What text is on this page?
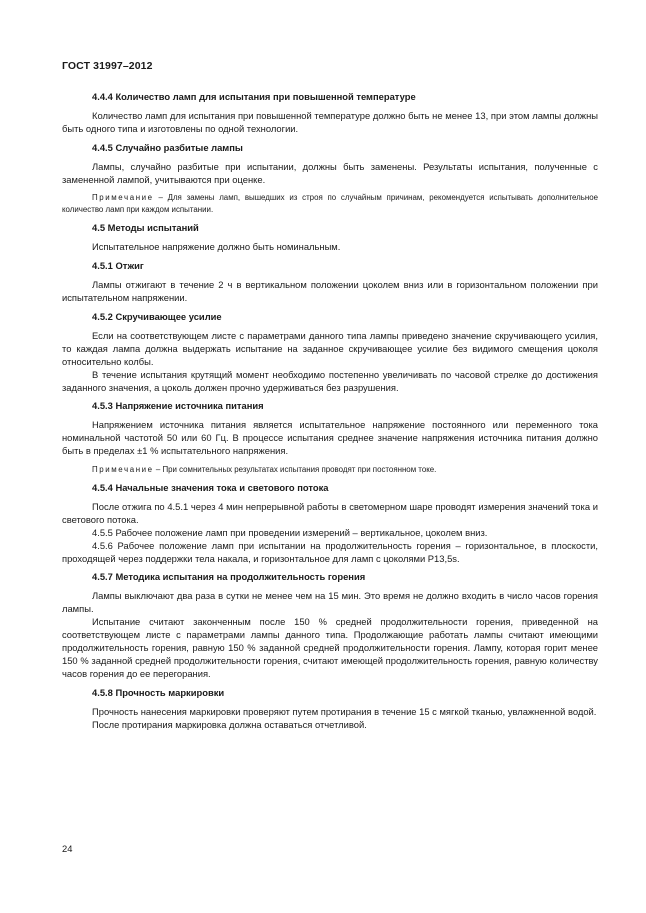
ГОСТ 31997–2012
4.4.4 Количество ламп для испытания при повышенной температуре

Количество ламп для испытания при повышенной температуре должно быть не менее 13, при этом лампы должны быть одного типа и изготовлены по одной технологии.

4.4.5 Случайно разбитые лампы

Лампы, случайно разбитые при испытании, должны быть заменены. Результаты испытания, полученные с замененной лампой, учитываются при оценке.

Примечание – Для замены ламп, вышедших из строя по случайным причинам, рекомендуется испытывать дополнительное количество ламп при каждом испытании.

4.5 Методы испытаний

Испытательное напряжение должно быть номинальным.

4.5.1 Отжиг

Лампы отжигают в течение 2 ч в вертикальном положении цоколем вниз или в горизонтальном положении при испытательном напряжении.

4.5.2 Скручивающее усилие

Если на соответствующем листе с параметрами данного типа лампы приведено значение скручивающего усилия, то каждая лампа должна выдержать испытание на заданное скручивающее усилие без видимого смещения цоколя относительно колбы.

В течение испытания крутящий момент необходимо постепенно увеличивать по часовой стрелке до достижения заданного значения, а цоколь должен прочно удерживаться без разрушения.

4.5.3 Напряжение источника питания

Напряжением источника питания является испытательное напряжение постоянного или переменного тока номинальной частотой 50 или 60 Гц. В процессе испытания среднее значение напряжения источника питания должно быть в пределах ±1 % испытательного напряжения.

Примечание – При сомнительных результатах испытания проводят при постоянном токе.

4.5.4 Начальные значения тока и светового потока

После отжига по 4.5.1 через 4 мин непрерывной работы в светомерном шаре проводят измерения значений тока и светового потока.

4.5.5 Рабочее положение ламп при проведении измерений – вертикальное, цоколем вниз.

4.5.6 Рабочее положение ламп при испытании на продолжительность горения – горизонтальное, в плоскости, проходящей через поддержки тела накала, и горизонтальное для ламп с цоколями P13,5s.

4.5.7 Методика испытания на продолжительность горения

Лампы выключают два раза в сутки не менее чем на 15 мин. Это время не должно входить в число часов горения лампы.

Испытание считают законченным после 150 % средней продолжительности горения, приведенной на соответствующем листе с параметрами лампы данного типа. Продолжающие работать лампы считают имеющими продолжительность горения, равную 150 % заданной средней продолжительности горения. Лампу, которая горит менее 150 % заданной средней продолжительности горения, считают имеющей продолжительность горения, равную количеству часов горения до ее перегорания.

4.5.8 Прочность маркировки

Прочность нанесения маркировки проверяют путем протирания в течение 15 с мягкой тканью, увлажненной водой.

После протирания маркировка должна оставаться отчетливой.

24
